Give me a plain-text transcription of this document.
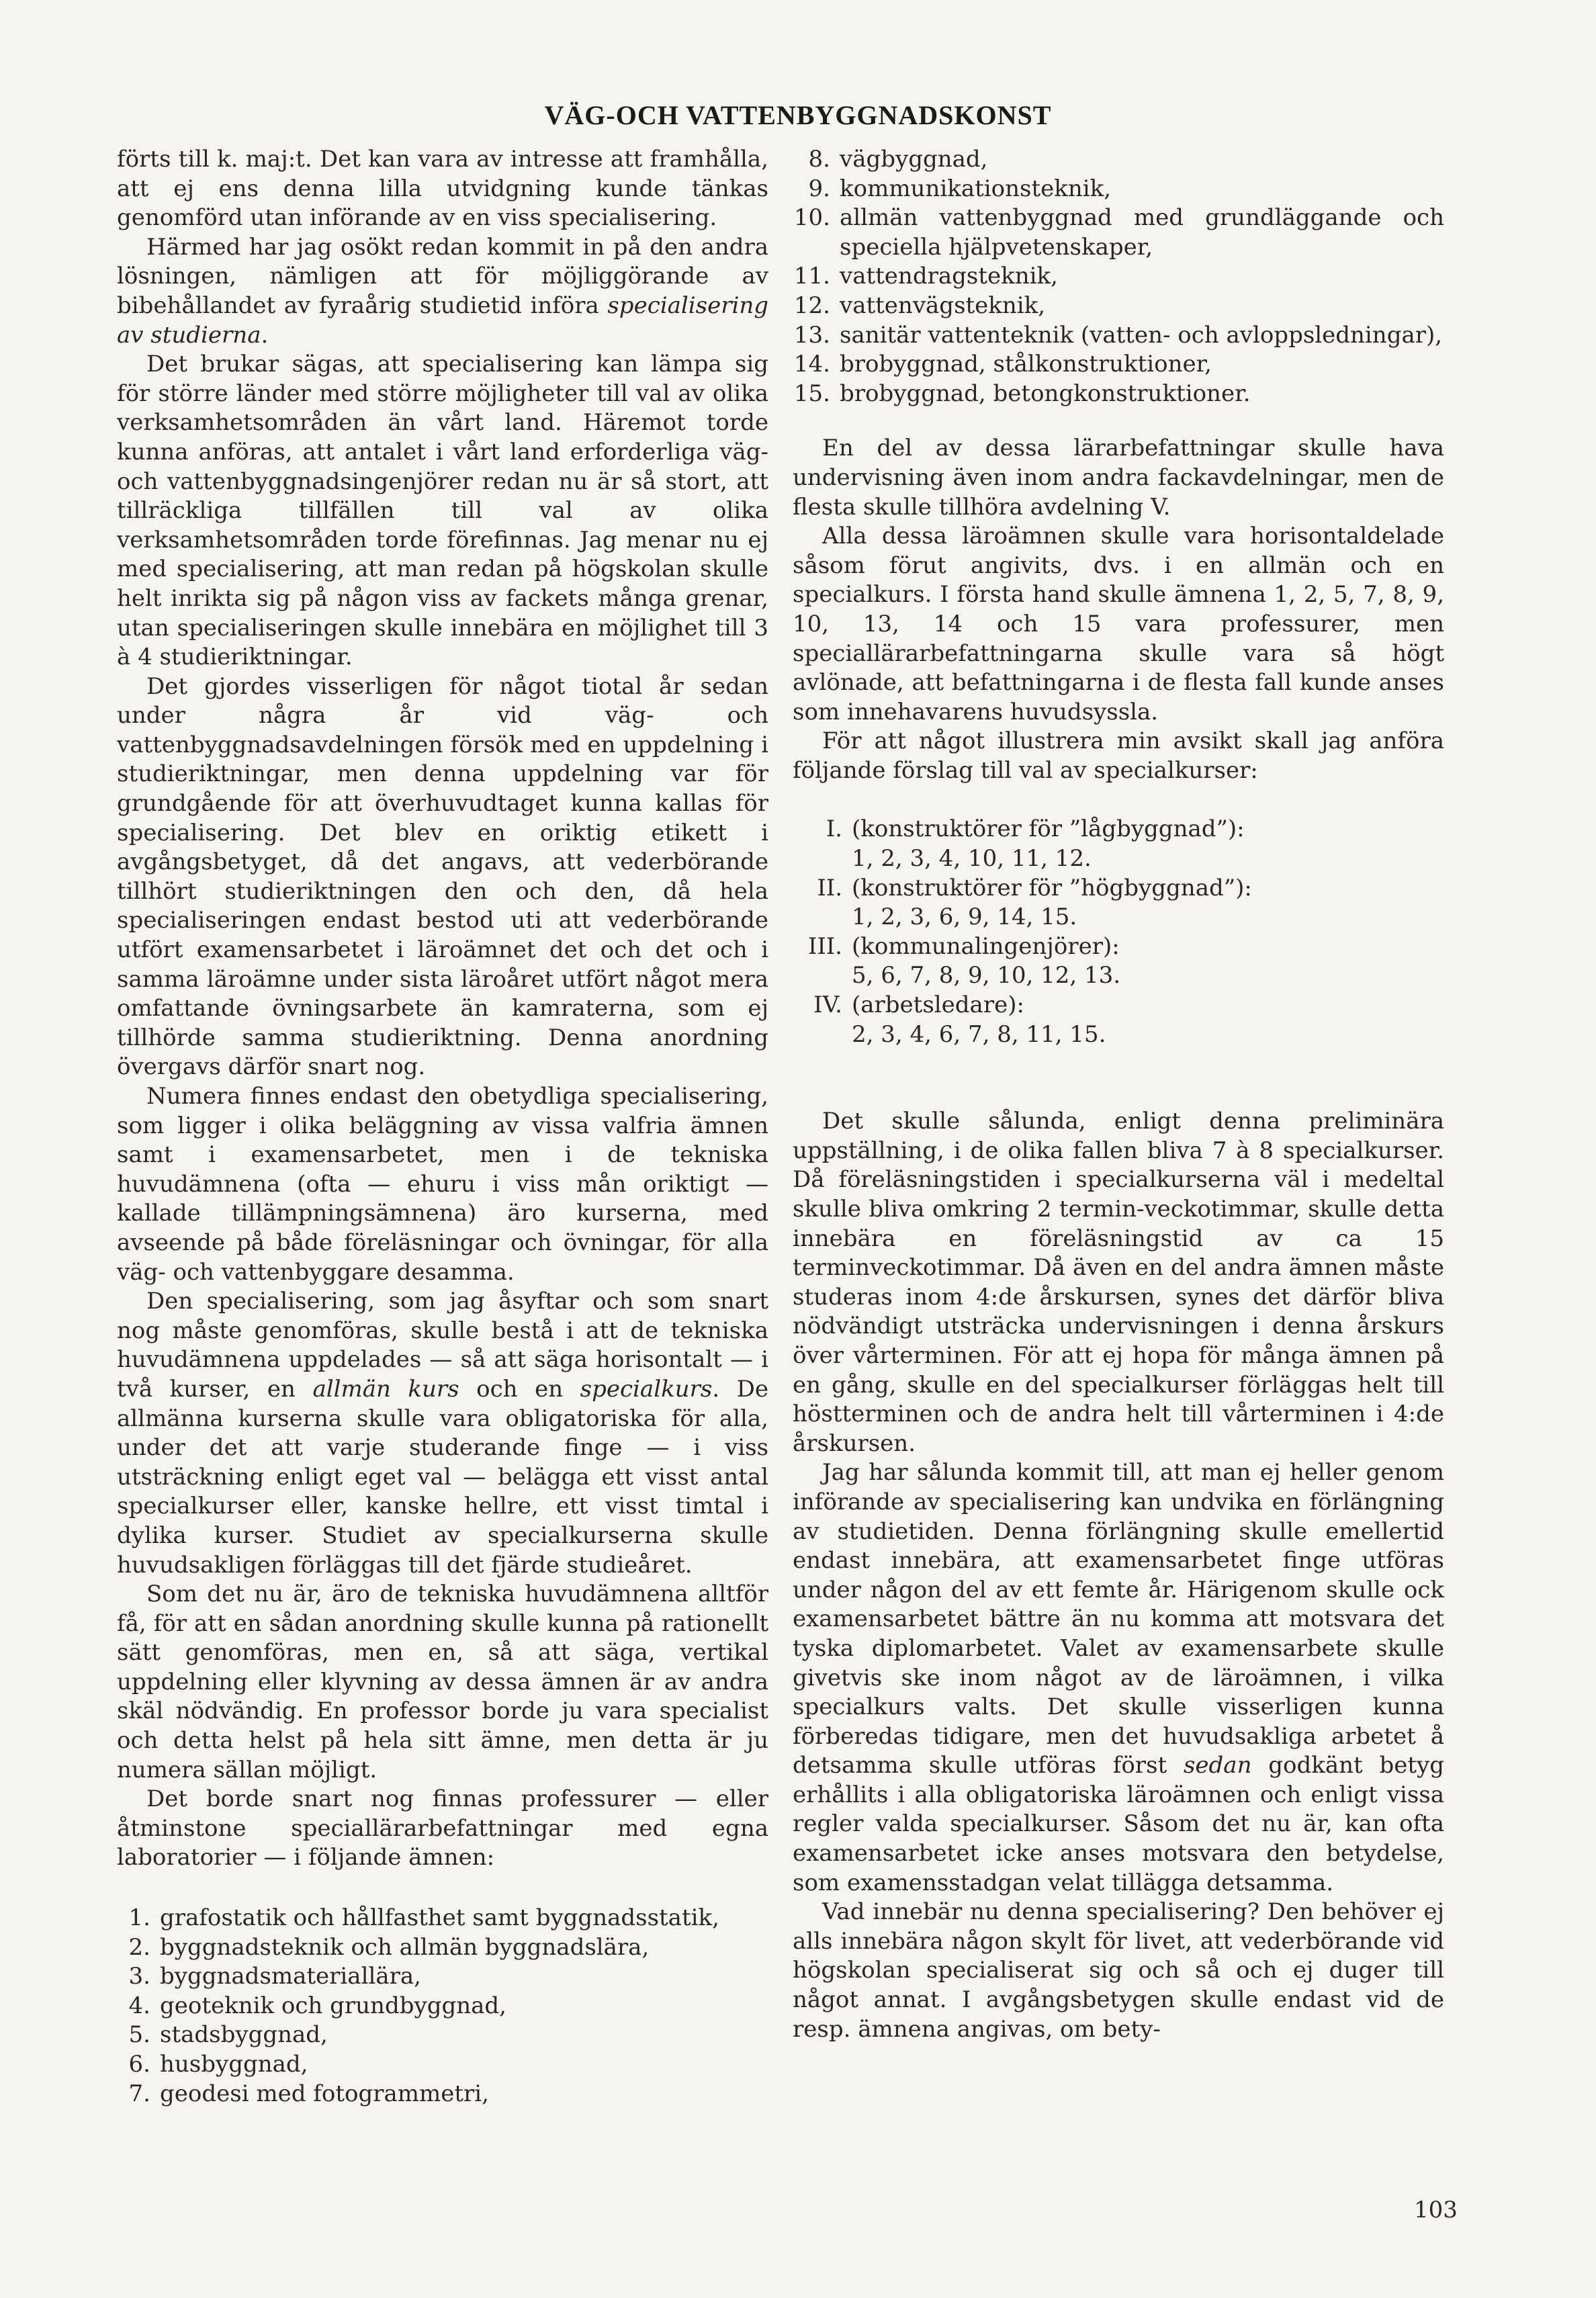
VÄG-OCH VATTENBYGGNADSKONST

förts till k. maj:t. Det kan vara av intresse att framhålla, att ej ens denna lilla utvidgning kunde tänkas genomförd utan införande av en viss specialisering.

Härmed har jag osökt redan kommit in på den andra lösningen, nämligen att för möjliggörande av bibehållandet av fyraårig studietid införa specialisering av studierna.

Det brukar sägas, att specialisering kan lämpa sig för större länder med större möjligheter till val av olika verksamhetsområden än vårt land. Häremot torde kunna anföras, att antalet i vårt land erforderliga väg- och vattenbyggnadsingenjörer redan nu är så stort, att tillräckliga tillfällen till val av olika verksamhetsområden torde förefinnas. Jag menar nu ej med specialisering, att man redan på högskolan skulle helt inrikta sig på någon viss av fackets många grenar, utan specialiseringen skulle innebära en möjlighet till 3 à 4 studieriktningar.

Det gjordes visserligen för något tiotal år sedan under några år vid väg- och vattenbyggnadsavdelningen försök med en uppdelning i studieriktningar, men denna uppdelning var för grundgående för att överhuvudtaget kunna kallas för specialisering. Det blev en oriktig etikett i avgångsbetyget, då det angavs, att vederbörande tillhört studieriktningen den och den, då hela specialiseringen endast bestod uti att vederbörande utfört examensarbetet i läroämnet det och det och i samma läroämne under sista läroåret utfört något mera omfattande övningsarbete än kamraterna, som ej tillhörde samma studieriktning. Denna anordning övergavs därför snart nog.

Numera finnes endast den obetydliga specialisering, som ligger i olika beläggning av vissa valfria ämnen samt i examensarbetet, men i de tekniska huvudämnena (ofta — ehuru i viss mån oriktigt — kallade tillämpningsämnena) äro kurserna, med avseende på både föreläsningar och övningar, för alla väg- och vattenbyggare desamma.

Den specialisering, som jag åsyftar och som snart nog måste genomföras, skulle bestå i att de tekniska huvudämnena uppdelades — så att säga horisontalt — i två kurser, en allmän kurs och en specialkurs. De allmänna kurserna skulle vara obligatoriska för alla, under det att varje studerande finge — i viss utsträckning enligt eget val — belägga ett visst antal specialkurser eller, kanske hellre, ett visst timtal i dylika kurser. Studiet av specialkurserna skulle huvudsakligen förläggas till det fjärde studieåret.

Som det nu är, äro de tekniska huvudämnena alltför få, för att en sådan anordning skulle kunna på rationellt sätt genomföras, men en, så att säga, vertikal uppdelning eller klyvning av dessa ämnen är av andra skäl nödvändig. En professor borde ju vara specialist och detta helst på hela sitt ämne, men detta är ju numera sällan möjligt.

Det borde snart nog finnas professurer — eller åtminstone speciallärarbefattningar med egna laboratorier — i följande ämnen:

1. grafostatik och hållfasthet samt byggnadsstatik,
2. byggnadsteknik och allmän byggnadslära,
3. byggnadsmateriallära,
4. geoteknik och grundbyggnad,
5. stadsbyggnad,
6. husbyggnad,
7. geodesi med fotogrammetri,
8. vägbyggnad,
9. kommunikationsteknik,
10. allmän vattenbyggnad med grundläggande och speciella hjälpvetenskaper,
11. vattendragsteknik,
12. vattenvägsteknik,
13. sanitär vattenteknik (vatten- och avloppsledningar),
14. brobyggnad, stålkonstruktioner,
15. brobyggnad, betongkonstruktioner.

En del av dessa lärarbefattningar skulle hava undervisning även inom andra fackavdelningar, men de flesta skulle tillhöra avdelning V.

Alla dessa läroämnen skulle vara horisontaldelade såsom förut angivits, dvs. i en allmän och en specialkurs. I första hand skulle ämnena 1, 2, 5, 7, 8, 9, 10, 13, 14 och 15 vara professurer, men speciallärarbefattningarna skulle vara så högt avlönade, att befattningarna i de flesta fall kunde anses som innehavarens huvudsyssla.

För att något illustrera min avsikt skall jag anföra följande förslag till val av specialkurser:

I. (konstruktörer för ”lågbyggnad”):
1, 2, 3, 4, 10, 11, 12.
II. (konstruktörer för ”högbyggnad”):
1, 2, 3, 6, 9, 14, 15.
III. (kommunalingenjörer):
5, 6, 7, 8, 9, 10, 12, 13.
IV. (arbetsledare):
2, 3, 4, 6, 7, 8, 11, 15.

Det skulle sålunda, enligt denna preliminära uppställning, i de olika fallen bliva 7 à 8 specialkurser. Då föreläsningstiden i specialkurserna väl i medeltal skulle bliva omkring 2 termin-veckotimmar, skulle detta innebära en föreläsningstid av ca 15 terminveckotimmar. Då även en del andra ämnen måste studeras inom 4:de årskursen, synes det därför bliva nödvändigt utsträcka undervisningen i denna årskurs över vårterminen. För att ej hopa för många ämnen på en gång, skulle en del specialkurser förläggas helt till höstterminen och de andra helt till vårterminen i 4:de årskursen.

Jag har sålunda kommit till, att man ej heller genom införande av specialisering kan undvika en förlängning av studietiden. Denna förlängning skulle emellertid endast innebära, att examensarbetet finge utföras under någon del av ett femte år. Härigenom skulle ock examensarbetet bättre än nu komma att motsvara det tyska diplomarbetet. Valet av examensarbete skulle givetvis ske inom något av de läroämnen, i vilka specialkurs valts. Det skulle visserligen kunna förberedas tidigare, men det huvudsakliga arbetet å detsamma skulle utföras först sedan godkänt betyg erhållits i alla obligatoriska läroämnen och enligt vissa regler valda specialkurser. Såsom det nu är, kan ofta examensarbetet icke anses motsvara den betydelse, som examensstadgan velat tillägga detsamma.

Vad innebär nu denna specialisering? Den behöver ej alls innebära någon skylt för livet, att vederbörande vid högskolan specialiserat sig och så och ej duger till något annat. I avgångsbetygen skulle endast vid de resp. ämnena angivas, om bety-

103
